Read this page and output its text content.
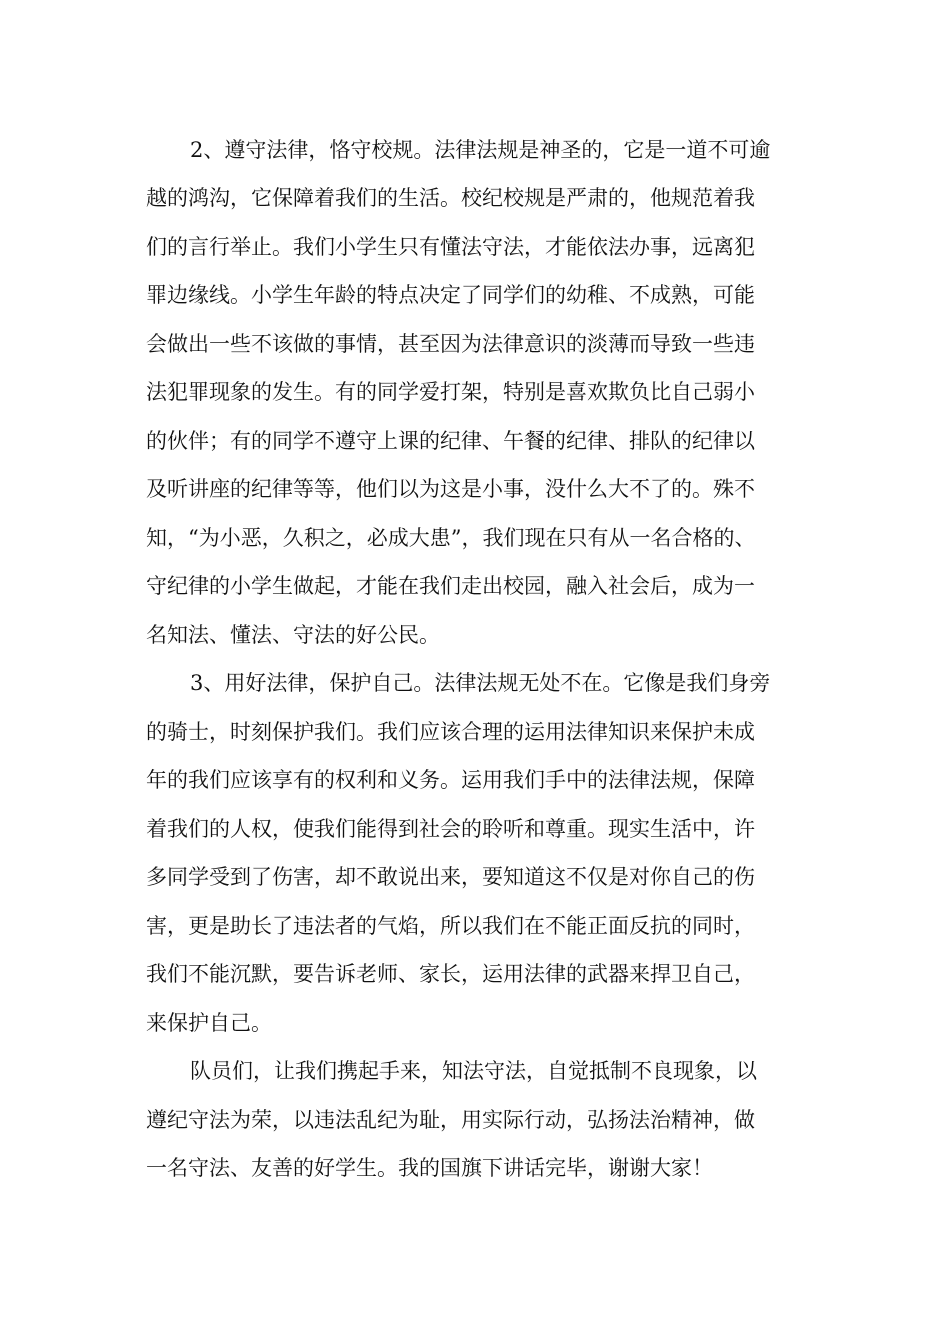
2、遵守法律，恪守校规。法律法规是神圣的，它是一道不可逾
越的鸿沟，它保障着我们的生活。校纪校规是严肃的，他规范着我
们的言行举止。我们小学生只有懂法守法，才能依法办事，远离犯
罪边缘线。小学生年龄的特点决定了同学们的幼稚、不成熟，可能
会做出一些不该做的事情，甚至因为法律意识的淡薄而导致一些违
法犯罪现象的发生。有的同学爱打架，特别是喜欢欺负比自己弱小
的伙伴；有的同学不遵守上课的纪律、午餐的纪律、排队的纪律以
及听讲座的纪律等等，他们以为这是小事，没什么大不了的。殊不
知，“为小恶，久积之，必成大患”，我们现在只有从一名合格的、
守纪律的小学生做起，才能在我们走出校园，融入社会后，成为一
名知法、懂法、守法的好公民。
3、用好法律，保护自己。法律法规无处不在。它像是我们身旁
的骑士，时刻保护我们。我们应该合理的运用法律知识来保护未成
年的我们应该享有的权利和义务。运用我们手中的法律法规，保障
着我们的人权，使我们能得到社会的聆听和尊重。现实生活中，许
多同学受到了伤害，却不敢说出来，要知道这不仅是对你自己的伤
害，更是助长了违法者的气焰，所以我们在不能正面反抗的同时，
我们不能沉默，要告诉老师、家长，运用法律的武器来捍卫自己，
来保护自己。
队员们，让我们携起手来，知法守法，自觉抵制不良现象，以
遵纪守法为荣，以违法乱纪为耻，用实际行动，弘扬法治精神，做
一名守法、友善的好学生。我的国旗下讲话完毕，谢谢大家！
